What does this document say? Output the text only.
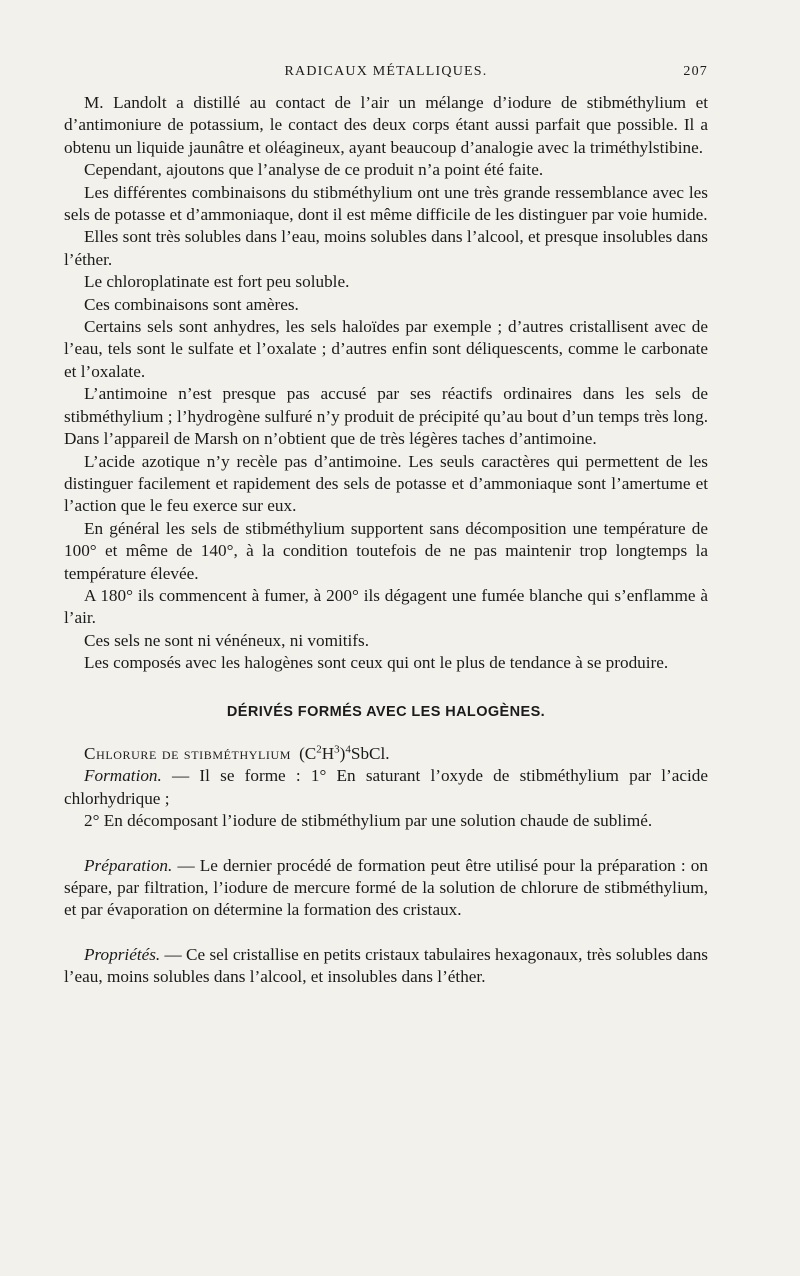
RADICAUX MÉTALLIQUES.	207

M. Landolt a distillé au contact de l’air un mélange d’iodure de stibméthylium et d’antimoniure de potassium, le contact des deux corps étant aussi parfait que possible. Il a obtenu un liquide jaunâtre et oléagineux, ayant beaucoup d’analogie avec la triméthylstibine.

Cependant, ajoutons que l’analyse de ce produit n’a point été faite.

Les différentes combinaisons du stibméthylium ont une très grande ressemblance avec les sels de potasse et d’ammoniaque, dont il est même difficile de les distinguer par voie humide.

Elles sont très solubles dans l’eau, moins solubles dans l’alcool, et presque insolubles dans l’éther.

Le chloroplatinate est fort peu soluble.

Ces combinaisons sont amères.

Certains sels sont anhydres, les sels haloïdes par exemple ; d’autres cristallisent avec de l’eau, tels sont le sulfate et l’oxalate ; d’autres enfin sont déliquescents, comme le carbonate et l’oxalate.

L’antimoine n’est presque pas accusé par ses réactifs ordinaires dans les sels de stibméthylium ; l’hydrogène sulfuré n’y produit de précipité qu’au bout d’un temps très long. Dans l’appareil de Marsh on n’obtient que de très légères taches d’antimoine.

L’acide azotique n’y recèle pas d’antimoine. Les seuls caractères qui permettent de les distinguer facilement et rapidement des sels de potasse et d’ammoniaque sont l’amertume et l’action que le feu exerce sur eux.

En général les sels de stibméthylium supportent sans décomposition une température de 100° et même de 140°, à la condition toutefois de ne pas maintenir trop longtemps la température élevée.

A 180° ils commencent à fumer, à 200° ils dégagent une fumée blanche qui s’enflamme à l’air.

Ces sels ne sont ni vénéneux, ni vomitifs.

Les composés avec les halogènes sont ceux qui ont le plus de tendance à se produire.

DÉRIVÉS FORMÉS AVEC LES HALOGÈNES.

Chlorure de stibméthylium $(C^2H^3)^4SbCl$.

Formation. — Il se forme : 1° En saturant l’oxyde de stibméthylium par l’acide chlorhydrique ;

2° En décomposant l’iodure de stibméthylium par une solution chaude de sublimé.

Préparation. — Le dernier procédé de formation peut être utilisé pour la préparation : on sépare, par filtration, l’iodure de mercure formé de la solution de chlorure de stibméthylium, et par évaporation on détermine la formation des cristaux.

Propriétés. — Ce sel cristallise en petits cristaux tabulaires hexagonaux, très solubles dans l’eau, moins solubles dans l’alcool, et insolubles dans l’éther.
